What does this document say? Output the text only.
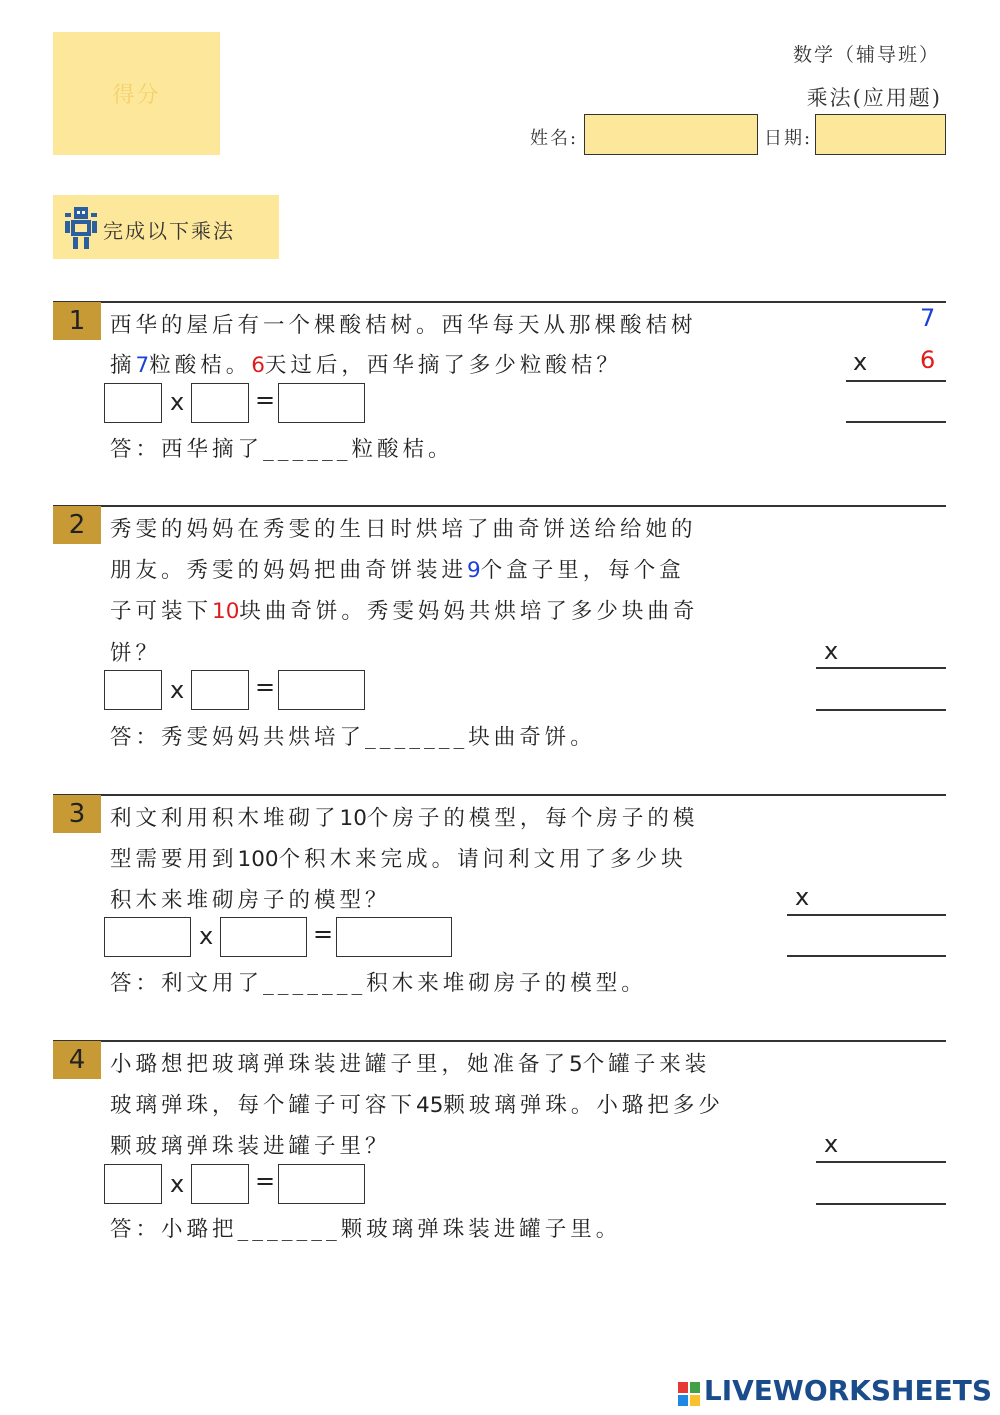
得分
数学（辅导班）
乘法(应用题)
姓名:	日期:
完成以下乘法
1	西华的屋后有一个棵酸桔树。西华每天从那棵酸桔树
摘7粒酸桔。6天过后，西华摘了多少粒酸桔？
x	=
答：西华摘了______粒酸桔。
7
x 6
2	秀雯的妈妈在秀雯的生日时烘培了曲奇饼送给给她的
朋友。秀雯的妈妈把曲奇饼装进9个盒子里，每个盒
子可装下10块曲奇饼。秀雯妈妈共烘培了多少块曲奇
饼？
x	=
答：秀雯妈妈共烘培了_______块曲奇饼。
x
3	利文利用积木堆砌了10个房子的模型，每个房子的模
型需要用到100个积木来完成。请问利文用了多少块
积木来堆砌房子的模型？
x	=
答：利文用了_______积木来堆砌房子的模型。
x
4	小璐想把玻璃弹珠装进罐子里，她准备了5个罐子来装
玻璃弹珠，每个罐子可容下45颗玻璃弹珠。小璐把多少
颗玻璃弹珠装进罐子里？
x	=
答：小璐把_______颗玻璃弹珠装进罐子里。
x
LIVEWORKSHEETS
